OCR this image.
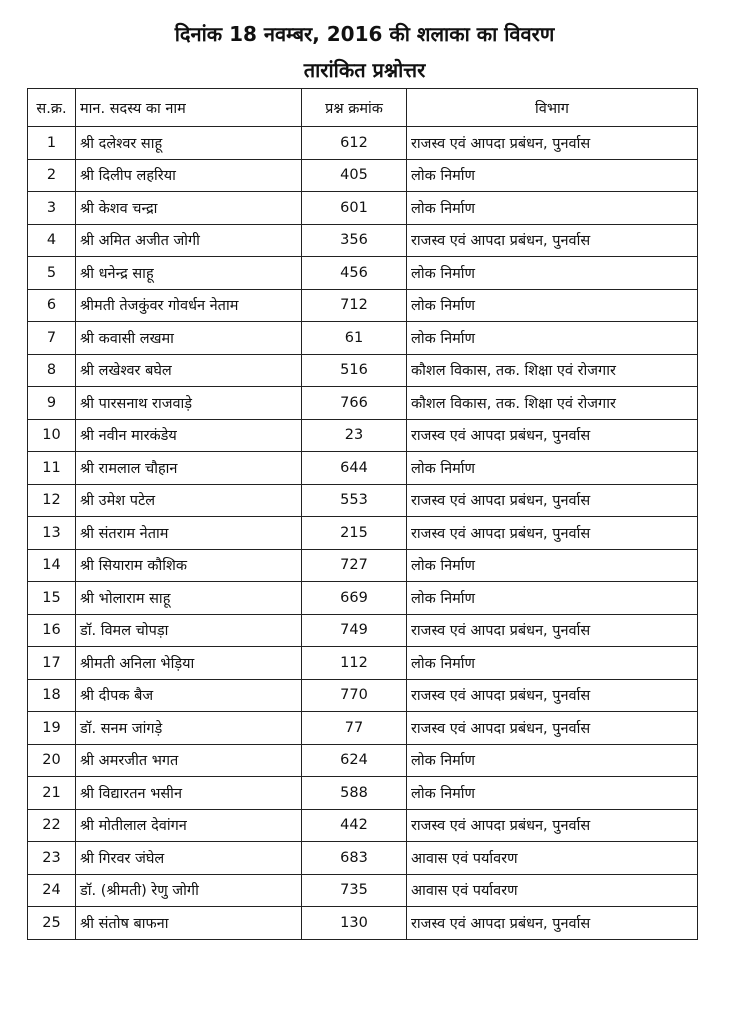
दिनांक 18 नवम्बर, 2016 की शलाका का विवरण
तारांकित प्रश्नोत्तर
स.क्र.	मान. सदस्य का नाम	प्रश्न क्रमांक	विभाग
1	श्री दलेश्वर साहू	612	राजस्व एवं आपदा प्रबंधन, पुनर्वास
2	श्री दिलीप लहरिया	405	लोक निर्माण
3	श्री केशव चन्द्रा	601	लोक निर्माण
4	श्री अमित अजीत जोगी	356	राजस्व एवं आपदा प्रबंधन, पुनर्वास
5	श्री धनेन्द्र साहू	456	लोक निर्माण
6	श्रीमती तेजकुंवर गोवर्धन नेताम	712	लोक निर्माण
7	श्री कवासी लखमा	61	लोक निर्माण
8	श्री लखेश्वर बघेल	516	कौशल विकास, तक. शिक्षा एवं रोजगार
9	श्री पारसनाथ राजवाड़े	766	कौशल विकास, तक. शिक्षा एवं रोजगार
10	श्री नवीन मारकंडेय	23	राजस्व एवं आपदा प्रबंधन, पुनर्वास
11	श्री रामलाल चौहान	644	लोक निर्माण
12	श्री उमेश पटेल	553	राजस्व एवं आपदा प्रबंधन, पुनर्वास
13	श्री संतराम नेताम	215	राजस्व एवं आपदा प्रबंधन, पुनर्वास
14	श्री सियाराम कौशिक	727	लोक निर्माण
15	श्री भोलाराम साहू	669	लोक निर्माण
16	डॉ. विमल चोपड़ा	749	राजस्व एवं आपदा प्रबंधन, पुनर्वास
17	श्रीमती अनिला भेड़िया	112	लोक निर्माण
18	श्री दीपक बैज	770	राजस्व एवं आपदा प्रबंधन, पुनर्वास
19	डॉ. सनम जांगड़े	77	राजस्व एवं आपदा प्रबंधन, पुनर्वास
20	श्री अमरजीत भगत	624	लोक निर्माण
21	श्री विद्यारतन भसीन	588	लोक निर्माण
22	श्री मोतीलाल देवांगन	442	राजस्व एवं आपदा प्रबंधन, पुनर्वास
23	श्री गिरवर जंघेल	683	आवास एवं पर्यावरण
24	डॉ. (श्रीमती) रेणु जोगी	735	आवास एवं पर्यावरण
25	श्री संतोष बाफना	130	राजस्व एवं आपदा प्रबंधन, पुनर्वास
